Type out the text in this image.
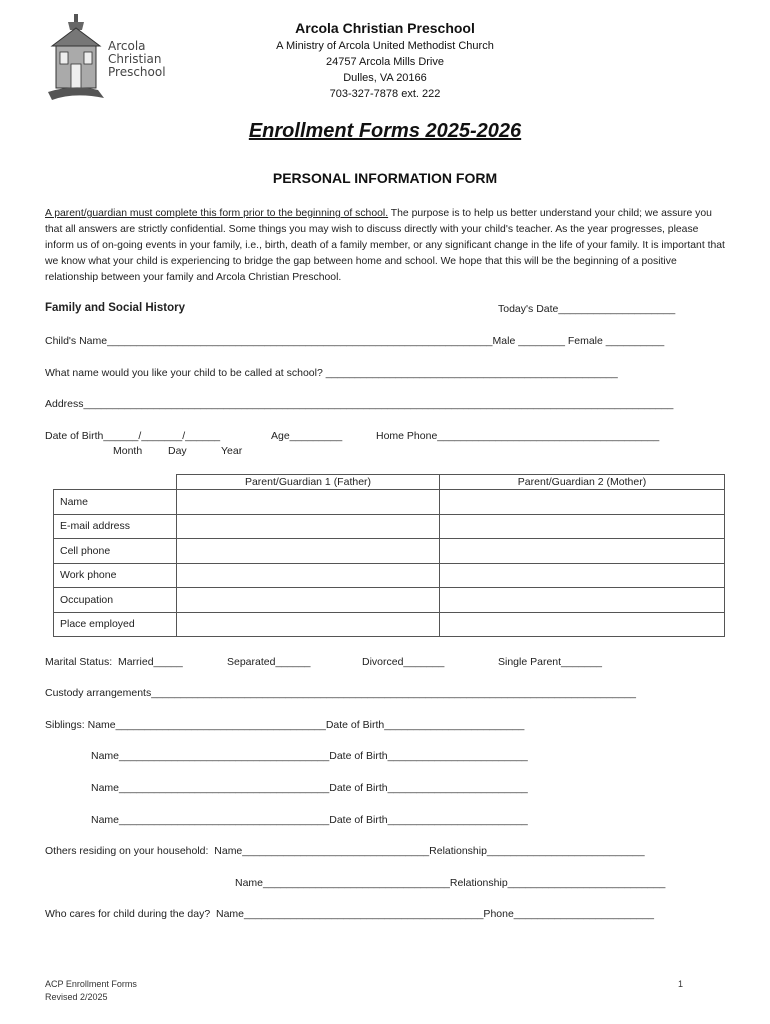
Arcola
Christian
Preschool
Arcola Christian Preschool
A Ministry of Arcola United Methodist Church
24757 Arcola Mills Drive
Dulles, VA 20166
703-327-7878 ext. 222
Enrollment Forms 2025-2026
PERSONAL INFORMATION FORM
A parent/guardian must complete this form prior to the beginning of school. The purpose is to help us better understand your child; we assure you that all answers are strictly confidential. Some things you may wish to discuss directly with your child's teacher. As the year progresses, please inform us of on-going events in your family, i.e., birth, death of a family member, or any significant change in the life of your family. It is important that we know what your child is experiencing to bridge the gap between home and school. We hope that this will be the beginning of a positive relationship between your family and Arcola Christian Preschool.
Family and Social History	Today's Date____________________
Child's Name__________________________________________________________________Male ________ Female __________
What name would you like your child to be called at school? __________________________________________________
Address_____________________________________________________________________________________________________
Date of Birth______/_______/______	Age_________	Home Phone______________________________________
Month Day	Year
	Parent/Guardian 1 (Father)	Parent/Guardian 2 (Mother)
Name		
E-mail address		
Cell phone		
Work phone		
Occupation		
Place employed		
Marital Status:  Married_____	Separated______	Divorced_______	Single Parent_______
Custody arrangements___________________________________________________________________________________
Siblings: Name____________________________________Date of Birth________________________
Name____________________________________Date of Birth________________________
Name____________________________________Date of Birth________________________
Name____________________________________Date of Birth________________________
Others residing on your household:  Name________________________________Relationship___________________________
Name________________________________Relationship___________________________
Who cares for child during the day?  Name_________________________________________Phone________________________
ACP Enrollment Forms
Revised 2/2025
1
